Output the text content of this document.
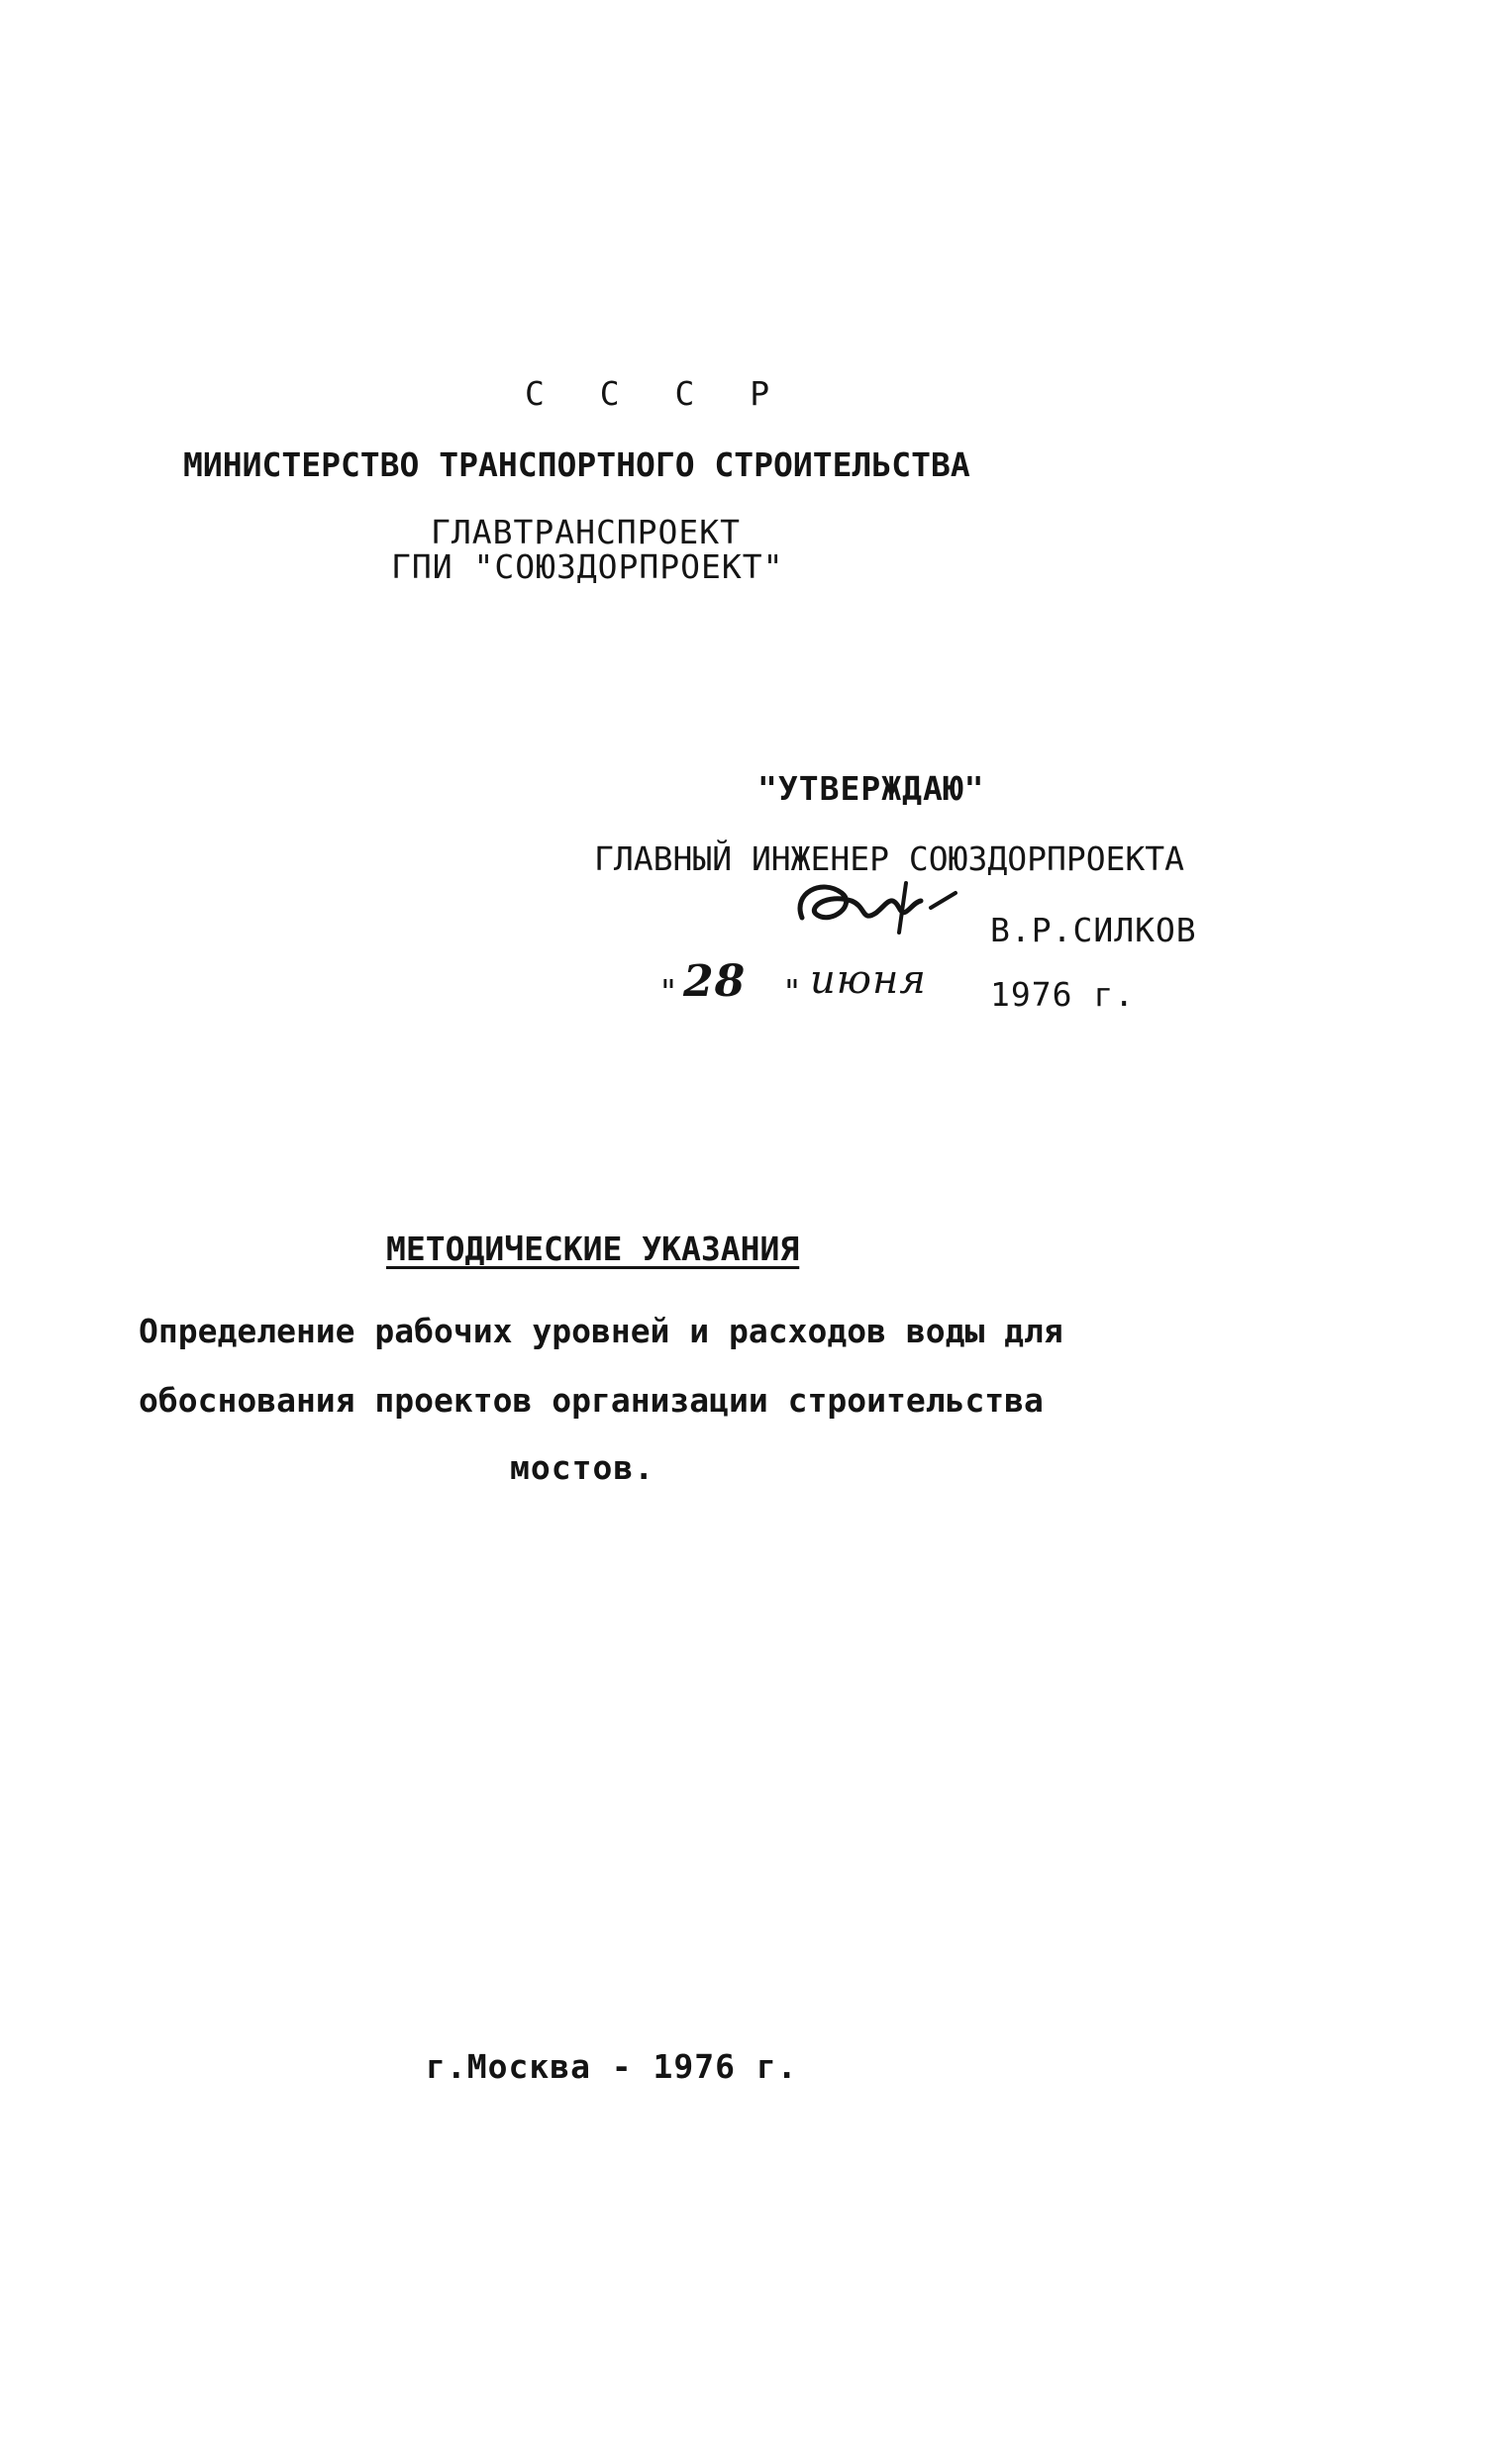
С С С Р
МИНИСТЕРСТВО ТРАНСПОРТНОГО СТРОИТЕЛЬСТВА
ГЛАВТРАНСПРОЕКТ
ГПИ "СОЮЗДОРПРОЕКТ"
"УТВЕРЖДАЮ"
ГЛАВНЫЙ ИНЖЕНЕР СОЮЗДОРПРОЕКТА
В.Р.СИЛКОВ
" 28 " июня 1976 г.
МЕТОДИЧЕСКИЕ УКАЗАНИЯ
Определение рабочих уровней и расходов воды для
обоснования проектов организации строительства
мостов.
г.Москва - 1976 г.
